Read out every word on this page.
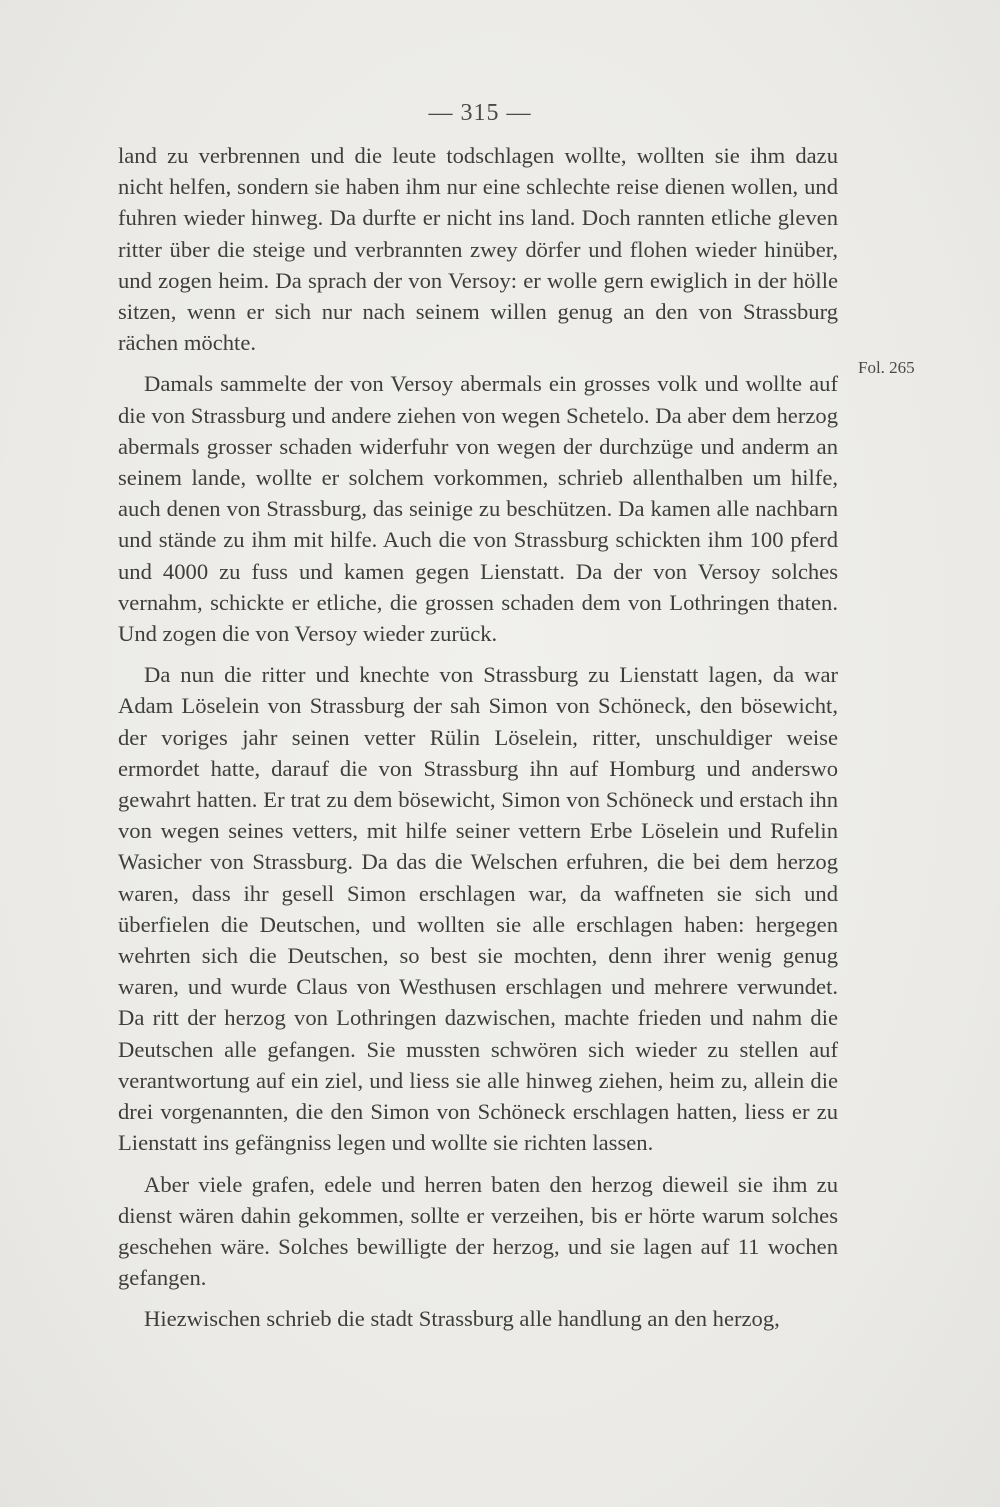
— 315 —
Fol. 265

land zu verbrennen und die leute todschlagen wollte, wollten sie ihm dazu nicht helfen, sondern sie haben ihm nur eine schlechte reise dienen wollen, und fuhren wieder hinweg. Da durfte er nicht ins land. Doch rannten etliche gleven ritter über die steige und verbrannten zwey dörfer und flohen wieder hinüber, und zogen heim. Da sprach der von Versoy: er wolle gern ewiglich in der hölle sitzen, wenn er sich nur nach seinem willen genug an den von Strassburg rächen möchte.

Damals sammelte der von Versoy abermals ein grosses volk und wollte auf die von Strassburg und andere ziehen von wegen Schetelo. Da aber dem herzog abermals grosser schaden widerfuhr von wegen der durchzüge und anderm an seinem lande, wollte er solchem vorkommen, schrieb allenthalben um hilfe, auch denen von Strassburg, das seinige zu beschützen. Da kamen alle nachbarn und stände zu ihm mit hilfe. Auch die von Strassburg schickten ihm 100 pferd und 4000 zu fuss und kamen gegen Lienstatt. Da der von Versoy solches vernahm, schickte er etliche, die grossen schaden dem von Lothringen thaten. Und zogen die von Versoy wieder zurück.

Da nun die ritter und knechte von Strassburg zu Lienstatt lagen, da war Adam Löselein von Strassburg der sah Simon von Schöneck, den bösewicht, der voriges jahr seinen vetter Rülin Löselein, ritter, unschuldiger weise ermordet hatte, darauf die von Strassburg ihn auf Homburg und anderswo gewahrt hatten. Er trat zu dem bösewicht, Simon von Schöneck und erstach ihn von wegen seines vetters, mit hilfe seiner vettern Erbe Löselein und Rufelin Wasicher von Strassburg. Da das die Welschen erfuhren, die bei dem herzog waren, dass ihr gesell Simon erschlagen war, da waffneten sie sich und überfielen die Deutschen, und wollten sie alle erschlagen haben: hergegen wehrten sich die Deutschen, so best sie mochten, denn ihrer wenig genug waren, und wurde Claus von Westhusen erschlagen und mehrere verwundet. Da ritt der herzog von Lothringen dazwischen, machte frieden und nahm die Deutschen alle gefangen. Sie mussten schwören sich wieder zu stellen auf verantwortung auf ein ziel, und liess sie alle hinweg ziehen, heim zu, allein die drei vorgenannten, die den Simon von Schöneck erschlagen hatten, liess er zu Lienstatt ins gefängniss legen und wollte sie richten lassen.

Aber viele grafen, edele und herren baten den herzog dieweil sie ihm zu dienst wären dahin gekommen, sollte er verzeihen, bis er hörte warum solches geschehen wäre. Solches bewilligte der herzog, und sie lagen auf 11 wochen gefangen.

Hiezwischen schrieb die stadt Strassburg alle handlung an den herzog,
